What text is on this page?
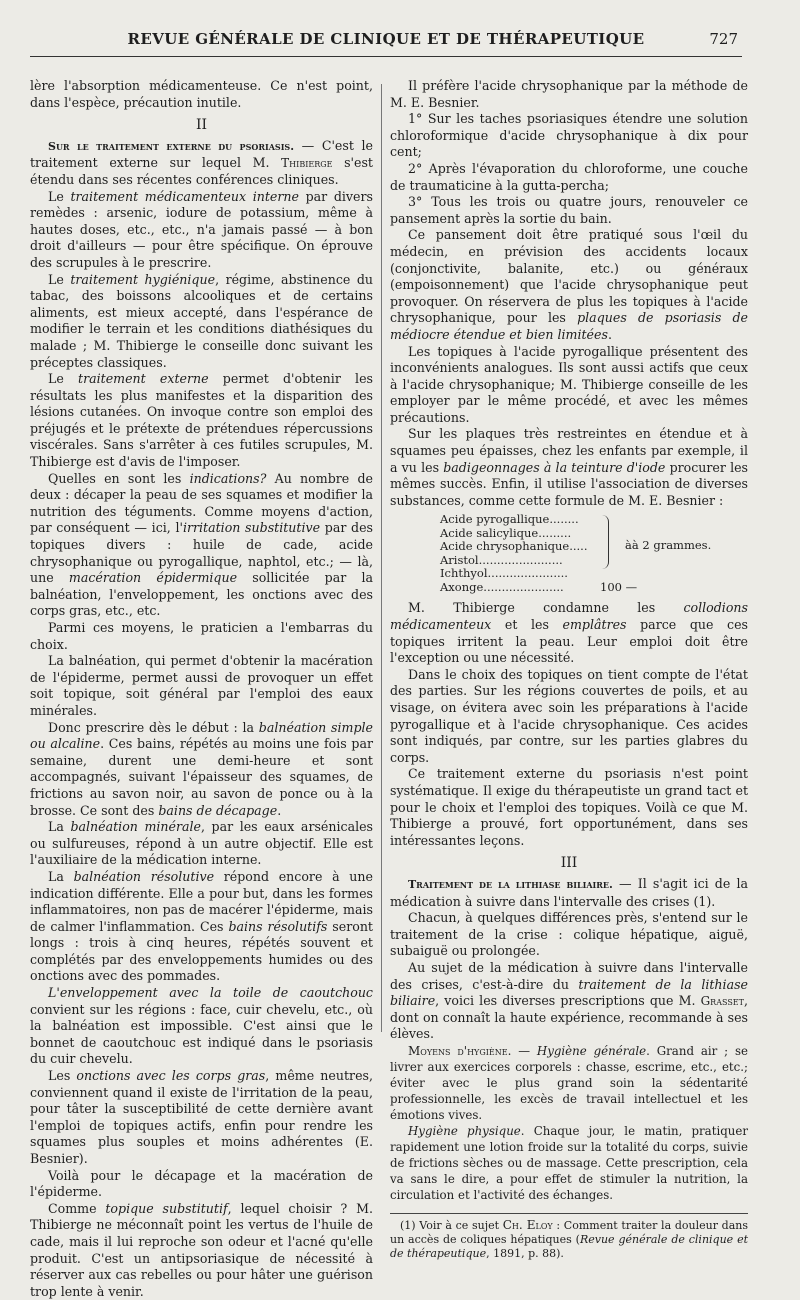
REVUE GÉNÉRALE DE CLINIQUE ET DE THÉRAPEUTIQUE	727

lère l'absorption médicamenteuse. Ce n'est point, dans l'espèce, précaution inutile.

II

Sur le traitement externe du psoriasis. — C'est le traitement externe sur lequel M. Thibierge s'est étendu dans ses récentes conférences cliniques.

Le traitement médicamenteux interne par divers remèdes : arsenic, iodure de potassium, même à hautes doses, etc., etc., n'a jamais passé — à bon droit d'ailleurs — pour être spécifique. On éprouve des scrupules à le prescrire.

Le traitement hygiénique, régime, abstinence du tabac, des boissons alcooliques et de certains aliments, est mieux accepté, dans l'espérance de modifier le terrain et les conditions diathésiques du malade ; M. Thibierge le conseille donc suivant les préceptes classiques.

Le traitement externe permet d'obtenir les résultats les plus manifestes et la disparition des lésions cutanées. On invoque contre son emploi des préjugés et le prétexte de prétendues répercussions viscérales. Sans s'arrêter à ces futiles scrupules, M. Thibierge est d'avis de l'imposer.

Quelles en sont les indications? Au nombre de deux : décaper la peau de ses squames et modifier la nutrition des téguments. Comme moyens d'action, par conséquent — ici, l'irritation substitutive par des topiques divers : huile de cade, acide chrysophanique ou pyrogallique, naphtol, etc.; — là, une macération épidermique sollicitée par la balnéation, l'enveloppement, les onctions avec des corps gras, etc., etc.

Parmi ces moyens, le praticien a l'embarras du choix.

La balnéation, qui permet d'obtenir la macération de l'épiderme, permet aussi de provoquer un effet soit topique, soit général par l'emploi des eaux minérales.

Donc prescrire dès le début : la balnéation simple ou alcaline. Ces bains, répétés au moins une fois par semaine, durent une demi-heure et sont accompagnés, suivant l'épaisseur des squames, de frictions au savon noir, au savon de ponce ou à la brosse. Ce sont des bains de décapage.

La balnéation minérale, par les eaux arsénicales ou sulfureuses, répond à un autre objectif. Elle est l'auxiliaire de la médication interne.

La balnéation résolutive répond encore à une indication différente. Elle a pour but, dans les formes inflammatoires, non pas de macérer l'épiderme, mais de calmer l'inflammation. Ces bains résolutifs seront longs : trois à cinq heures, répétés souvent et complétés par des enveloppements humides ou des onctions avec des pommades.

L'enveloppement avec la toile de caoutchouc convient sur les régions : face, cuir chevelu, etc., où la balnéation est impossible. C'est ainsi que le bonnet de caoutchouc est indiqué dans le psoriasis du cuir chevelu.

Les onctions avec les corps gras, même neutres, conviennent quand il existe de l'irritation de la peau, pour tâter la susceptibilité de cette dernière avant l'emploi de topiques actifs, enfin pour rendre les squames plus souples et moins adhérentes (E. Besnier).

Voilà pour le décapage et la macération de l'épiderme.

Comme topique substitutif, lequel choisir ? M. Thibierge ne méconnaît point les vertus de l'huile de cade, mais il lui reproche son odeur et l'acné qu'elle produit. C'est un antipsoriasique de nécessité à réserver aux cas rebelles ou pour hâter une guérison trop lente à venir.

Il préfère l'acide chrysophanique par la méthode de M. E. Besnier.

1° Sur les taches psoriasiques étendre une solution chloroformique d'acide chrysophanique à dix pour cent;

2° Après l'évaporation du chloroforme, une couche de traumaticine à la gutta-percha;

3° Tous les trois ou quatre jours, renouveler ce pansement après la sortie du bain.

Ce pansement doit être pratiqué sous l'œil du médecin, en prévision des accidents locaux (conjonctivite, balanite, etc.) ou généraux (empoisonnement) que l'acide chrysophanique peut provoquer. On réservera de plus les topiques à l'acide chrysophanique, pour les plaques de psoriasis de médiocre étendue et bien limitées.

Les topiques à l'acide pyrogallique présentent des inconvénients analogues. Ils sont aussi actifs que ceux à l'acide chrysophanique; M. Thibierge conseille de les employer par le même procédé, et avec les mêmes précautions.

Sur les plaques très restreintes en étendue et à squames peu épaisses, chez les enfants par exemple, il a vu les badigeonnages à la teinture d'iode procurer les mêmes succès. Enfin, il utilise l'association de diverses substances, comme cette formule de M. E. Besnier :

Acide pyrogallique........
Acide salicylique.........
Acide chrysophanique.....
Aristol.......................
Ichthyol......................
àà 2 grammes.
Axonge......................	100 —

M. Thibierge condamne les collodions médicamenteux et les emplâtres parce que ces topiques irritent la peau. Leur emploi doit être l'exception ou une nécessité.

Dans le choix des topiques on tient compte de l'état des parties. Sur les régions couvertes de poils, et au visage, on évitera avec soin les préparations à l'acide pyrogallique et à l'acide chrysophanique. Ces acides sont indiqués, par contre, sur les parties glabres du corps.

Ce traitement externe du psoriasis n'est point systématique. Il exige du thérapeutiste un grand tact et pour le choix et l'emploi des topiques. Voilà ce que M. Thibierge a prouvé, fort opportunément, dans ses intéressantes leçons.

III

Traitement de la lithiase biliaire. — Il s'agit ici de la médication à suivre dans l'intervalle des crises (1).

Chacun, à quelques différences près, s'entend sur le traitement de la crise : colique hépatique, aiguë, subaiguë ou prolongée.

Au sujet de la médication à suivre dans l'intervalle des crises, c'est-à-dire du traitement de la lithiase biliaire, voici les diverses prescriptions que M. Grasset, dont on connaît la haute expérience, recommande à ses élèves.

Moyens d'hygiène. — Hygiène générale. Grand air ; se livrer aux exercices corporels : chasse, escrime, etc., etc.; éviter avec le plus grand soin la sédentarité professionnelle, les excès de travail intellectuel et les émotions vives.

Hygiène physique. Chaque jour, le matin, pratiquer rapidement une lotion froide sur la totalité du corps, suivie de frictions sèches ou de massage. Cette prescription, cela va sans le dire, a pour effet de stimuler la nutrition, la circulation et l'activité des échanges.

(1) Voir à ce sujet Ch. Eloy : Comment traiter la douleur dans un accès de coliques hépatiques (Revue générale de clinique et de thérapeutique, 1891, p. 88).
